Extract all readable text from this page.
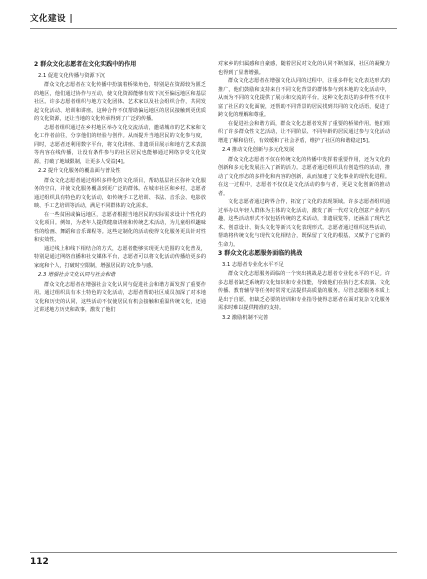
文化建设 |
2 群众文化志愿者在文化实践中的作用
2.1 促进文化传播与资源下沉

群众文化志愿者在文化传播中扮演着桥梁角色，特别是在资源较为匮乏的地区，他们通过协作与互动，使文化资源能够有效下沉至偏远地区和基层社区。许多志愿者组织与地方文化团体、艺术家以及社会组织合作，共同发起文化活动、培训和讲座。这种合作不仅帮助偏远地区的居民接触到更优质的文化资源，还让当地的文化传承得到了广泛的传播。

志愿者组织通过在乡村地区举办文化交流活动，邀请城市的艺术家和文化工作者前往，分享他们的经验与创作。从而提升当地居民的文化参与度，同时，志愿者还利用数字平台，将文化讲座、非遗项目展示和地方艺术表演等内容在线传播，让没有条件参与的社区居民也能够通过网络享受文化资源，打破了地域限制，让更多人受益[4]。

2.2 提升文化服务的覆盖面与普及性

群众文化志愿者通过组织多样化的文化项目，帮助基层社区弥补文化服务的空白，并使文化服务覆盖到更广泛的群体。在城市社区和乡村，志愿者通过组织具有特色的文化活动，如传统手工艺培训、书法、音乐会、电影放映、手工艺培训等活动，满足不同群体的文化需求。

在一些贫困或偏远地区，志愿者根据当地居民的实际需求设计个性化的文化项目。例如，为老年人提供健康讲座和传统艺术活动，为儿童组织趣味性的绘画、舞蹈和音乐课程等。这些定制化的活动使得文化服务更具针对性和实效性。

通过线上和线下相结合的方式，志愿者能够实现更大范围的文化普及，特别是通过网络直播和社交媒体平台，志愿者可以将文化活动传播给更多的家庭和个人，打破时空限制，增强居民的文化参与感。

2.3 增强社会文化认同与社会和谐

群众文化志愿者在增强社会文化认同与促进社会和谐方面发挥了重要作用。通过组织具有本土特色的文化活动，志愿者帮助社区成员加深了对本地文化和历史的认同，这些活动不仅使居民有机会接触和重温传统文化，还通过讲述地方历史和故事，激发了他们

对家乡的归属感和自豪感，随着居民对文化的认同不断加深，社区的凝聚力也得到了显著增强。

群众文化志愿者在增强文化认同的过程中，注重多样化文化表达形式的推广，他们鼓励和支持来自不同文化背景的群体参与到本地的文化活动中，从而为不同的文化提供了展示和交流的平台。这种文化表达的多样性不仅丰富了社区的文化面貌，还帮助不同背景的居民找到共同的文化话语，促进了跨文化的理解和尊重。

在促进社会和谐方面，群众文化志愿者发挥了重要的桥梁作用。他们组织了许多群众性文艺活动，让不同阶层、不同年龄的居民通过参与文化活动增进了解和信任，有效缓和了社会矛盾，维护了社区的和谐稳定[5]。

2.4 推动文化创新与多元化发展

群众文化志愿者不仅在传统文化的传播中发挥着重要作用，还为文化的创新和多元化发展注入了新的活力。志愿者通过组织具有创造性的活动，推动了文化形态的多样化和内容的创新，从而加速了文化事业的现代化进程。在这一过程中，志愿者不仅仅是文化活动的参与者，更是文化创新的推动者。

文化志愿者通过跨界合作，拓宽了文化的表现领域。许多志愿者组织通过举办以年轻人群体为主体的文化活动，激发了新一代对文化创意产业的兴趣，这些活动形式不仅包括传统的艺术活动，非遗展览等，还涵盖了现代艺术、创意设计、街头文化等新兴文化表现形式。志愿者通过组织这些活动，帮助将传统文化与现代文化相结合，既保留了文化的根基，又赋予了它新的生命力。

3 群众文化志愿服务面临的挑战
3.1 志愿者专业化水平不足

群众文化志愿服务面临的一个突出挑战是志愿者专业化水平的不足。许多志愿者缺乏系统的文化知识和专业技能，导致他们在执行艺术表演、文化传播、教育辅导等任务时常常无法提供高质量的服务。尽管志愿服务本质上是出于自愿，但缺乏必要的培训和专业指导使得志愿者在面对复杂文化服务需求时难以提供精准的支持。

3.2 激励机制不完善
112
